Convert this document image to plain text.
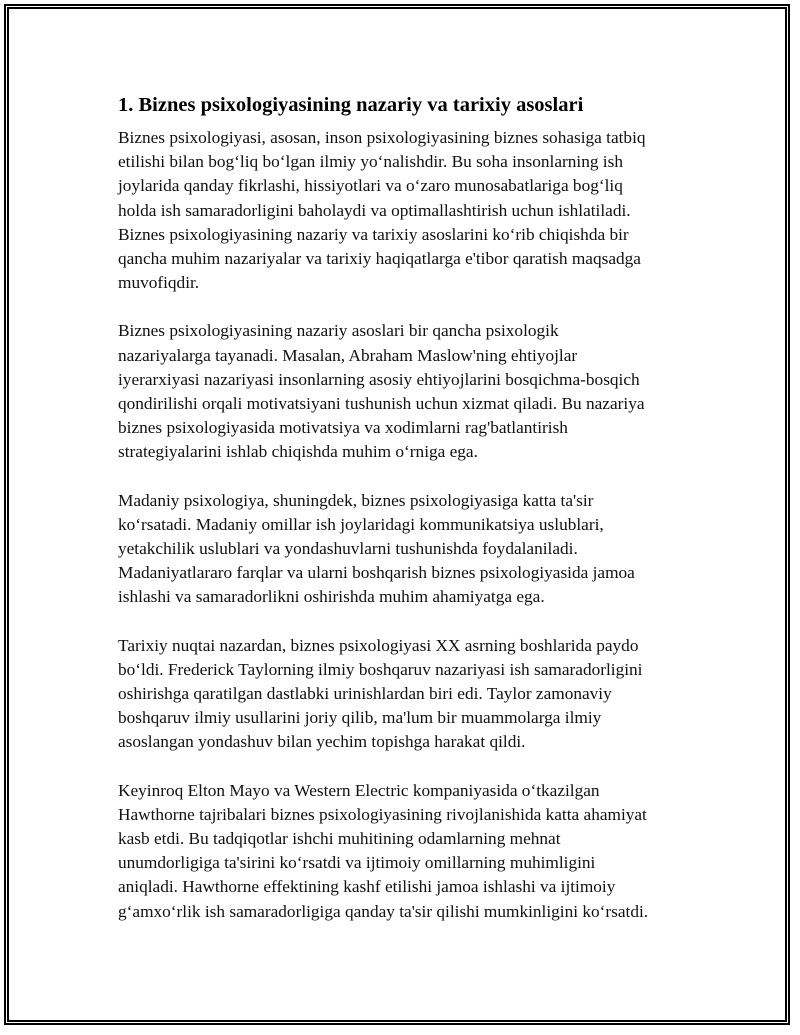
1. Biznes psixologiyasining nazariy va tarixiy asoslari

Biznes psixologiyasi, asosan, inson psixologiyasining biznes sohasiga tatbiq
etilishi bilan bog‘liq bo‘lgan ilmiy yo‘nalishdir. Bu soha insonlarning ish
joylarida qanday fikrlashi, hissiyotlari va o‘zaro munosabatlariga bog‘liq
holda ish samaradorligini baholaydi va optimallashtirish uchun ishlatiladi.
Biznes psixologiyasining nazariy va tarixiy asoslarini ko‘rib chiqishda bir
qancha muhim nazariyalar va tarixiy haqiqatlarga e'tibor qaratish maqsadga
muvofiqdir.

Biznes psixologiyasining nazariy asoslari bir qancha psixologik
nazariyalarga tayanadi. Masalan, Abraham Maslow'ning ehtiyojlar
iyerarxiyasi nazariyasi insonlarning asosiy ehtiyojlarini bosqichma-bosqich
qondirilishi orqali motivatsiyani tushunish uchun xizmat qiladi. Bu nazariya
biznes psixologiyasida motivatsiya va xodimlarni rag'batlantirish
strategiyalarini ishlab chiqishda muhim o‘rniga ega.

Madaniy psixologiya, shuningdek, biznes psixologiyasiga katta ta'sir
ko‘rsatadi. Madaniy omillar ish joylaridagi kommunikatsiya uslublari,
yetakchilik uslublari va yondashuvlarni tushunishda foydalaniladi.
Madaniyatlararo farqlar va ularni boshqarish biznes psixologiyasida jamoa
ishlashi va samaradorlikni oshirishda muhim ahamiyatga ega.

Tarixiy nuqtai nazardan, biznes psixologiyasi XX asrning boshlarida paydo
bo‘ldi. Frederick Taylorning ilmiy boshqaruv nazariyasi ish samaradorligini
oshirishga qaratilgan dastlabki urinishlardan biri edi. Taylor zamonaviy
boshqaruv ilmiy usullarini joriy qilib, ma'lum bir muammolarga ilmiy
asoslangan yondashuv bilan yechim topishga harakat qildi.

Keyinroq Elton Mayo va Western Electric kompaniyasida o‘tkazilgan
Hawthorne tajribalari biznes psixologiyasining rivojlanishida katta ahamiyat
kasb etdi. Bu tadqiqotlar ishchi muhitining odamlarning mehnat
unumdorligiga ta'sirini ko‘rsatdi va ijtimoiy omillarning muhimligini
aniqladi. Hawthorne effektining kashf etilishi jamoa ishlashi va ijtimoiy
g‘amxo‘rlik ish samaradorligiga qanday ta'sir qilishi mumkinligini ko‘rsatdi.
